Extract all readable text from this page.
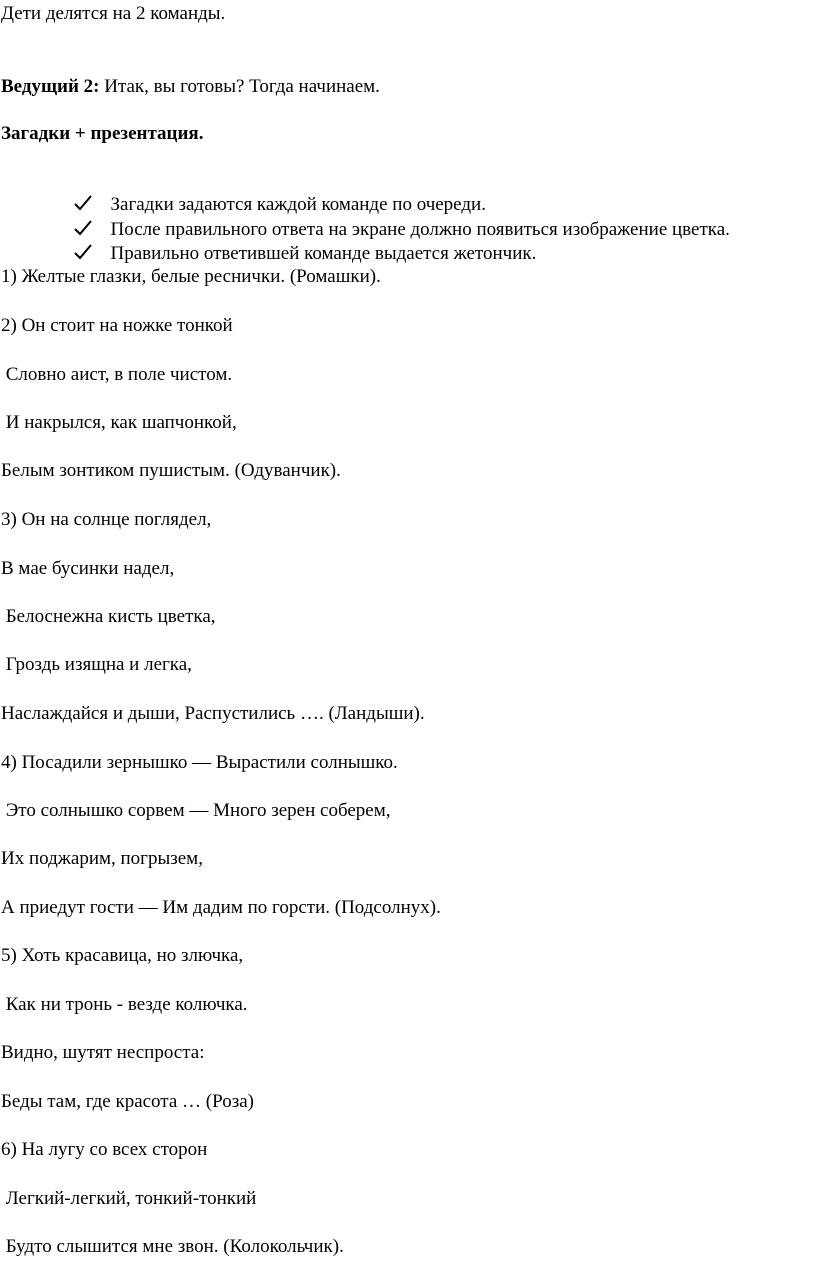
Дети делятся на 2 команды.

Ведущий 2: Итак, вы готовы? Тогда начинаем.

Загадки + презентация.

Загадки задаются каждой команде по очереди.

После правильного ответа на экране должно появиться изображение цветка.

Правильно ответившей команде выдается жетончик.

1) Желтые глазки, белые реснички. (Ромашки).

2) Он стоит на ножке тонкой

Словно аист, в поле чистом.

И накрылся, как шапчонкой,

Белым зонтиком пушистым. (Одуванчик).

3) Он на солнце поглядел,

В мае бусинки надел,

Белоснежна кисть цветка,

Гроздь изящна и легка,

Наслаждайся и дыши, Распустились …. (Ландыши).

4) Посадили зернышко — Вырастили солнышко.

Это солнышко сорвем — Много зерен соберем,

Их поджарим, погрызем,

А приедут гости — Им дадим по горсти. (Подсолнух).

5) Хоть красавица, но злючка,

Как ни тронь - везде колючка.

Видно, шутят неспроста:

Беды там, где красота … (Роза)

6) На лугу со всех сторон

Легкий-легкий, тонкий-тонкий

Будто слышится мне звон. (Колокольчик).
